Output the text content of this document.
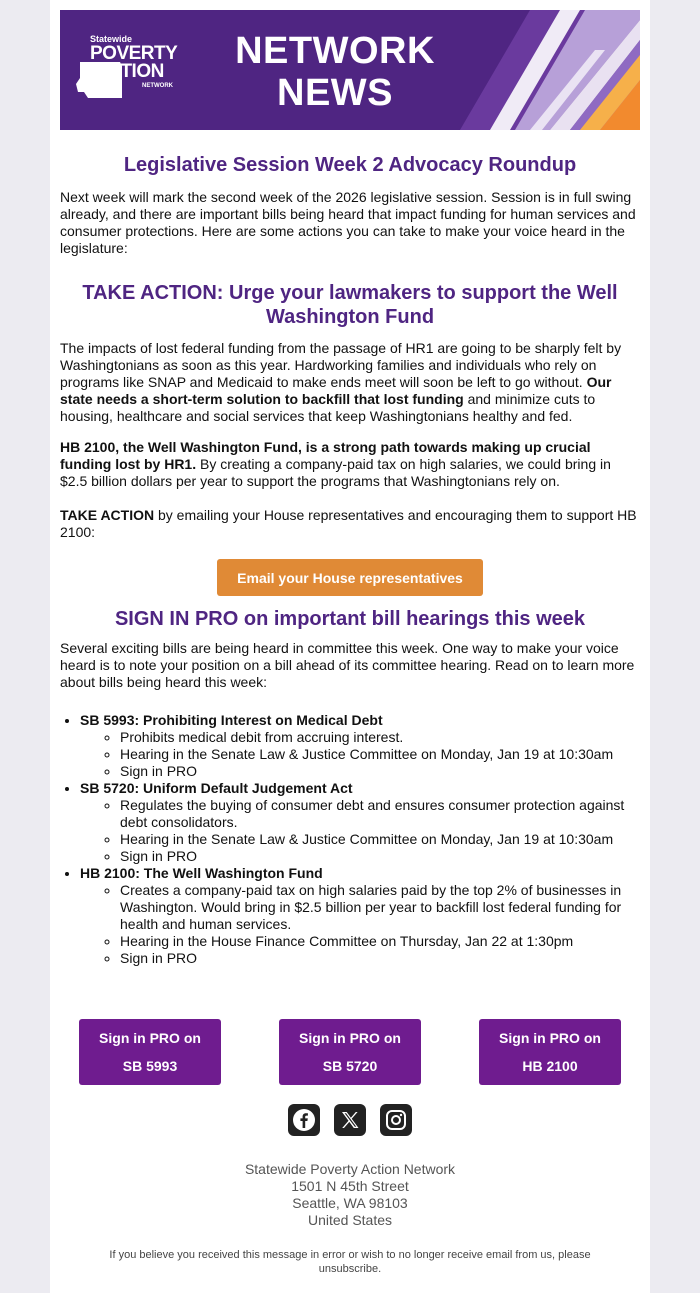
Statewide
POVERTY
ACTION
NETWORK
NETWORK
NEWS
Legislative Session Week 2 Advocacy Roundup

Next week will mark the second week of the 2026 legislative session. Session is in full swing already, and there are important bills being heard that impact funding for human services and consumer protections. Here are some actions you can take to make your voice heard in the legislature:

TAKE ACTION: Urge your lawmakers to support the Well Washington Fund

The impacts of lost federal funding from the passage of HR1 are going to be sharply felt by Washingtonians as soon as this year. Hardworking families and individuals who rely on programs like SNAP and Medicaid to make ends meet will soon be left to go without. Our state needs a short-term solution to backfill that lost funding and minimize cuts to housing, healthcare and social services that keep Washingtonians healthy and fed.

HB 2100, the Well Washington Fund, is a strong path towards making up crucial funding lost by HR1. By creating a company-paid tax on high salaries, we could bring in $2.5 billion dollars per year to support the programs that Washingtonians rely on.

TAKE ACTION by emailing your House representatives and encouraging them to support HB 2100:

Email your House representatives
SIGN IN PRO on important bill hearings this week

Several exciting bills are being heard in committee this week. One way to make your voice heard is to note your position on a bill ahead of its committee hearing. Read on to learn more about bills being heard this week:

• SB 5993: Prohibiting Interest on Medical Debt
◦ Prohibits medical debit from accruing interest.
◦ Hearing in the Senate Law & Justice Committee on Monday, Jan 19 at 10:30am
◦ Sign in PRO
• SB 5720: Uniform Default Judgement Act
◦ Regulates the buying of consumer debt and ensures consumer protection against debt consolidators.
◦ Hearing in the Senate Law & Justice Committee on Monday, Jan 19 at 10:30am
◦ Sign in PRO
• HB 2100: The Well Washington Fund
◦ Creates a company-paid tax on high salaries paid by the top 2% of businesses in Washington. Would bring in $2.5 billion per year to backfill lost federal funding for health and human services.
◦ Hearing in the House Finance Committee on Thursday, Jan 22 at 1:30pm
◦ Sign in PRO
Sign in PRO on
SB 5993
Sign in PRO on
SB 5720
Sign in PRO on
HB 2100
Statewide Poverty Action Network
1501 N 45th Street
Seattle, WA 98103
United States
If you believe you received this message in error or wish to no longer receive email from us, please unsubscribe.
